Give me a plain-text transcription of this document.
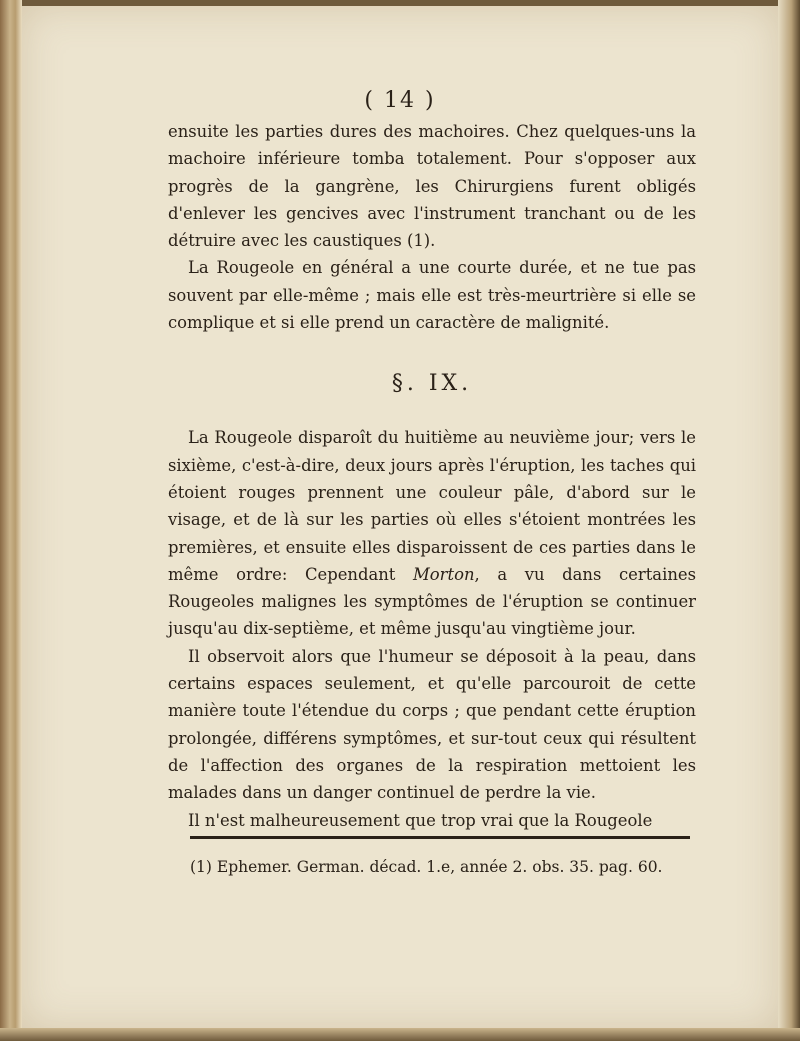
( 14 )

ensuite les parties dures des machoires. Chez quelques-uns la machoire inférieure tomba totalement. Pour s'opposer aux progrès de la gangrène, les Chirurgiens furent obligés d'enlever les gencives avec l'instrument tranchant ou de les détruire avec les caustiques (1).

La Rougeole en général a une courte durée, et ne tue pas souvent par elle-même ; mais elle est très-meurtrière si elle se complique et si elle prend un caractère de malignité.

§. IX.

La Rougeole disparoît du huitième au neuvième jour; vers le sixième, c'est-à-dire, deux jours après l'éruption, les taches qui étoient rouges prennent une couleur pâle, d'abord sur le visage, et de là sur les parties où elles s'étoient montrées les premières, et ensuite elles disparoissent de ces parties dans le même ordre: Cependant Morton, a vu dans certaines Rougeoles malignes les symptômes de l'éruption se continuer jusqu'au dix-septième, et même jusqu'au vingtième jour.

Il observoit alors que l'humeur se déposoit à la peau, dans certains espaces seulement, et qu'elle parcouroit de cette manière toute l'étendue du corps ; que pendant cette éruption prolongée, différens symptômes, et sur-tout ceux qui résultent de l'affection des organes de la respiration mettoient les malades dans un danger continuel de perdre la vie.

Il n'est malheureusement que trop vrai que la Rougeole

(1) Ephemer. German. décad. 1.e, année 2. obs. 35. pag. 60.
